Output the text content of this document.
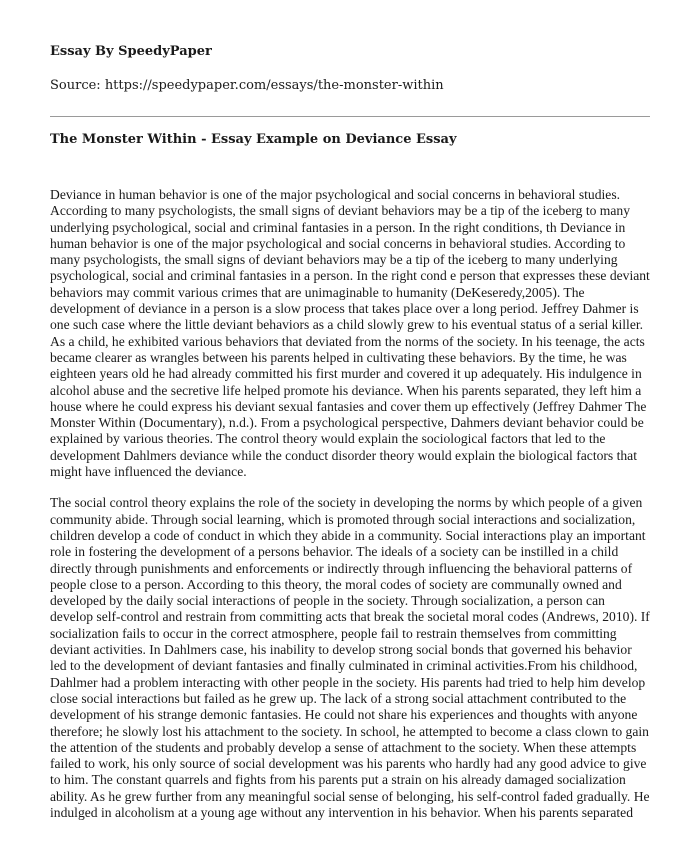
Essay By SpeedyPaper
Source: https://speedypaper.com/essays/the-monster-within
The Monster Within - Essay Example on Deviance Essay

Deviance in human behavior is one of the major psychological and social concerns in behavioral studies. According to many psychologists, the small signs of deviant behaviors may be a tip of the iceberg to many underlying psychological, social and criminal fantasies in a person. In the right conditions, th Deviance in human behavior is one of the major psychological and social concerns in behavioral studies. According to many psychologists, the small signs of deviant behaviors may be a tip of the iceberg to many underlying psychological, social and criminal fantasies in a person. In the right cond e person that expresses these deviant behaviors may commit various crimes that are unimaginable to humanity (DeKeseredy,2005). The development of deviance in a person is a slow process that takes place over a long period. Jeffrey Dahmer is one such case where the little deviant behaviors as a child slowly grew to his eventual status of a serial killer. As a child, he exhibited various behaviors that deviated from the norms of the society. In his teenage, the acts became clearer as wrangles between his parents helped in cultivating these behaviors. By the time, he was eighteen years old he had already committed his first murder and covered it up adequately. His indulgence in alcohol abuse and the secretive life helped promote his deviance. When his parents separated, they left him a house where he could express his deviant sexual fantasies and cover them up effectively (Jeffrey Dahmer The Monster Within (Documentary), n.d.). From a psychological perspective, Dahmers deviant behavior could be explained by various theories. The control theory would explain the sociological factors that led to the development Dahlmers deviance while the conduct disorder theory would explain the biological factors that might have influenced the deviance.

The social control theory explains the role of the society in developing the norms by which people of a given community abide. Through social learning, which is promoted through social interactions and socialization, children develop a code of conduct in which they abide in a community. Social interactions play an important role in fostering the development of a persons behavior. The ideals of a society can be instilled in a child directly through punishments and enforcements or indirectly through influencing the behavioral patterns of people close to a person. According to this theory, the moral codes of society are communally owned and developed by the daily social interactions of people in the society. Through socialization, a person can develop self-control and restrain from committing acts that break the societal moral codes (Andrews, 2010). If socialization fails to occur in the correct atmosphere, people fail to restrain themselves from committing deviant activities. In Dahlmers case, his inability to develop strong social bonds that governed his behavior led to the development of deviant fantasies and finally culminated in criminal activities.From his childhood, Dahlmer had a problem interacting with other people in the society. His parents had tried to help him develop close social interactions but failed as he grew up. The lack of a strong social attachment contributed to the development of his strange demonic fantasies. He could not share his experiences and thoughts with anyone therefore; he slowly lost his attachment to the society. In school, he attempted to become a class clown to gain the attention of the students and probably develop a sense of attachment to the society. When these attempts failed to work, his only source of social development was his parents who hardly had any good advice to give to him. The constant quarrels and fights from his parents put a strain on his already damaged socialization ability. As he grew further from any meaningful social sense of belonging, his self-control faded gradually. He indulged in alcoholism at a young age without any intervention in his behavior. When his parents separated
